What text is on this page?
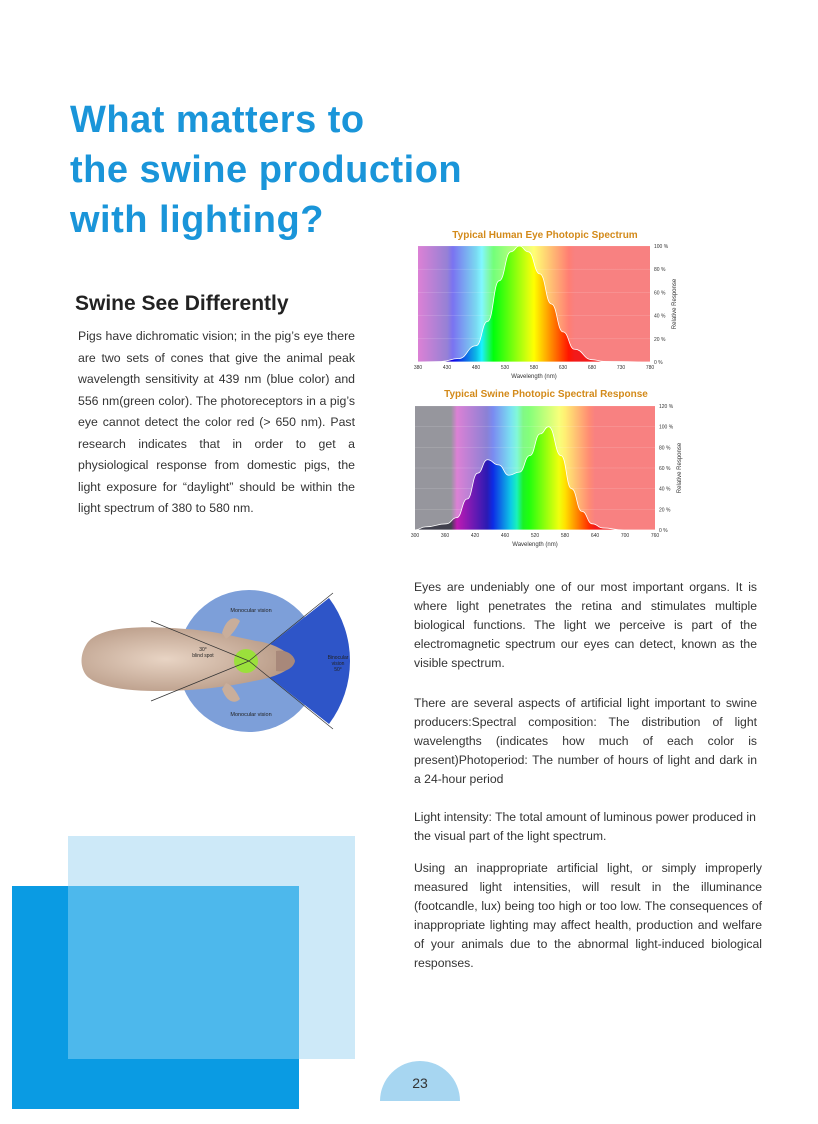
What matters to
the swine production
with lighting?
Swine See Differently

Pigs have dichromatic vision; in the pig’s eye there are two sets of cones that give the animal peak wavelength sensitivity at 439 nm (blue color) and 556 nm(green color). The photoreceptors in a pig’s eye cannot detect the color red (> 650 nm). Past research indicates that in order to get a physiological response from domestic pigs, the light exposure for “daylight” should be within the light spectrum of 380 to 580 nm.

Typical Human Eye Photopic Spectrum
380	430	480	530	580	630	680	730	780
0 %
20 %
40 %
60 %
80 %
100 %
Wavelength (nm)
Relative Response
Typical Swine Photopic Spectral Response
300	360	420	460	520	580	640	700	760
0 %
20 %
40 %
60 %
80 %
100 %
120 %
Wavelength (nm)
Relative Response
Monocular vision
Monocular vision
30°
blind spot	Binocular
vision
50°

Eyes are undeniably one of our most important organs. It is where light penetrates the retina and stimulates multiple biological functions. The light we perceive is part of the electromagnetic spectrum our eyes can detect, known as the visible spectrum.

There are several aspects of artificial light important to swine producers:Spectral composition: The distribution of light wavelengths (indicates how much of each color is present)Photoperiod: The number of hours of light and dark in a 24-hour period

Light intensity: The total amount of luminous power produced in the visual part of the light spectrum.

Using an inappropriate artificial light, or simply improperly measured light intensities, will result in the illuminance (footcandle, lux) being too high or too low. The consequences of inappropriate lighting may affect health, production and welfare of your animals due to the abnormal light-induced biological responses.

23
